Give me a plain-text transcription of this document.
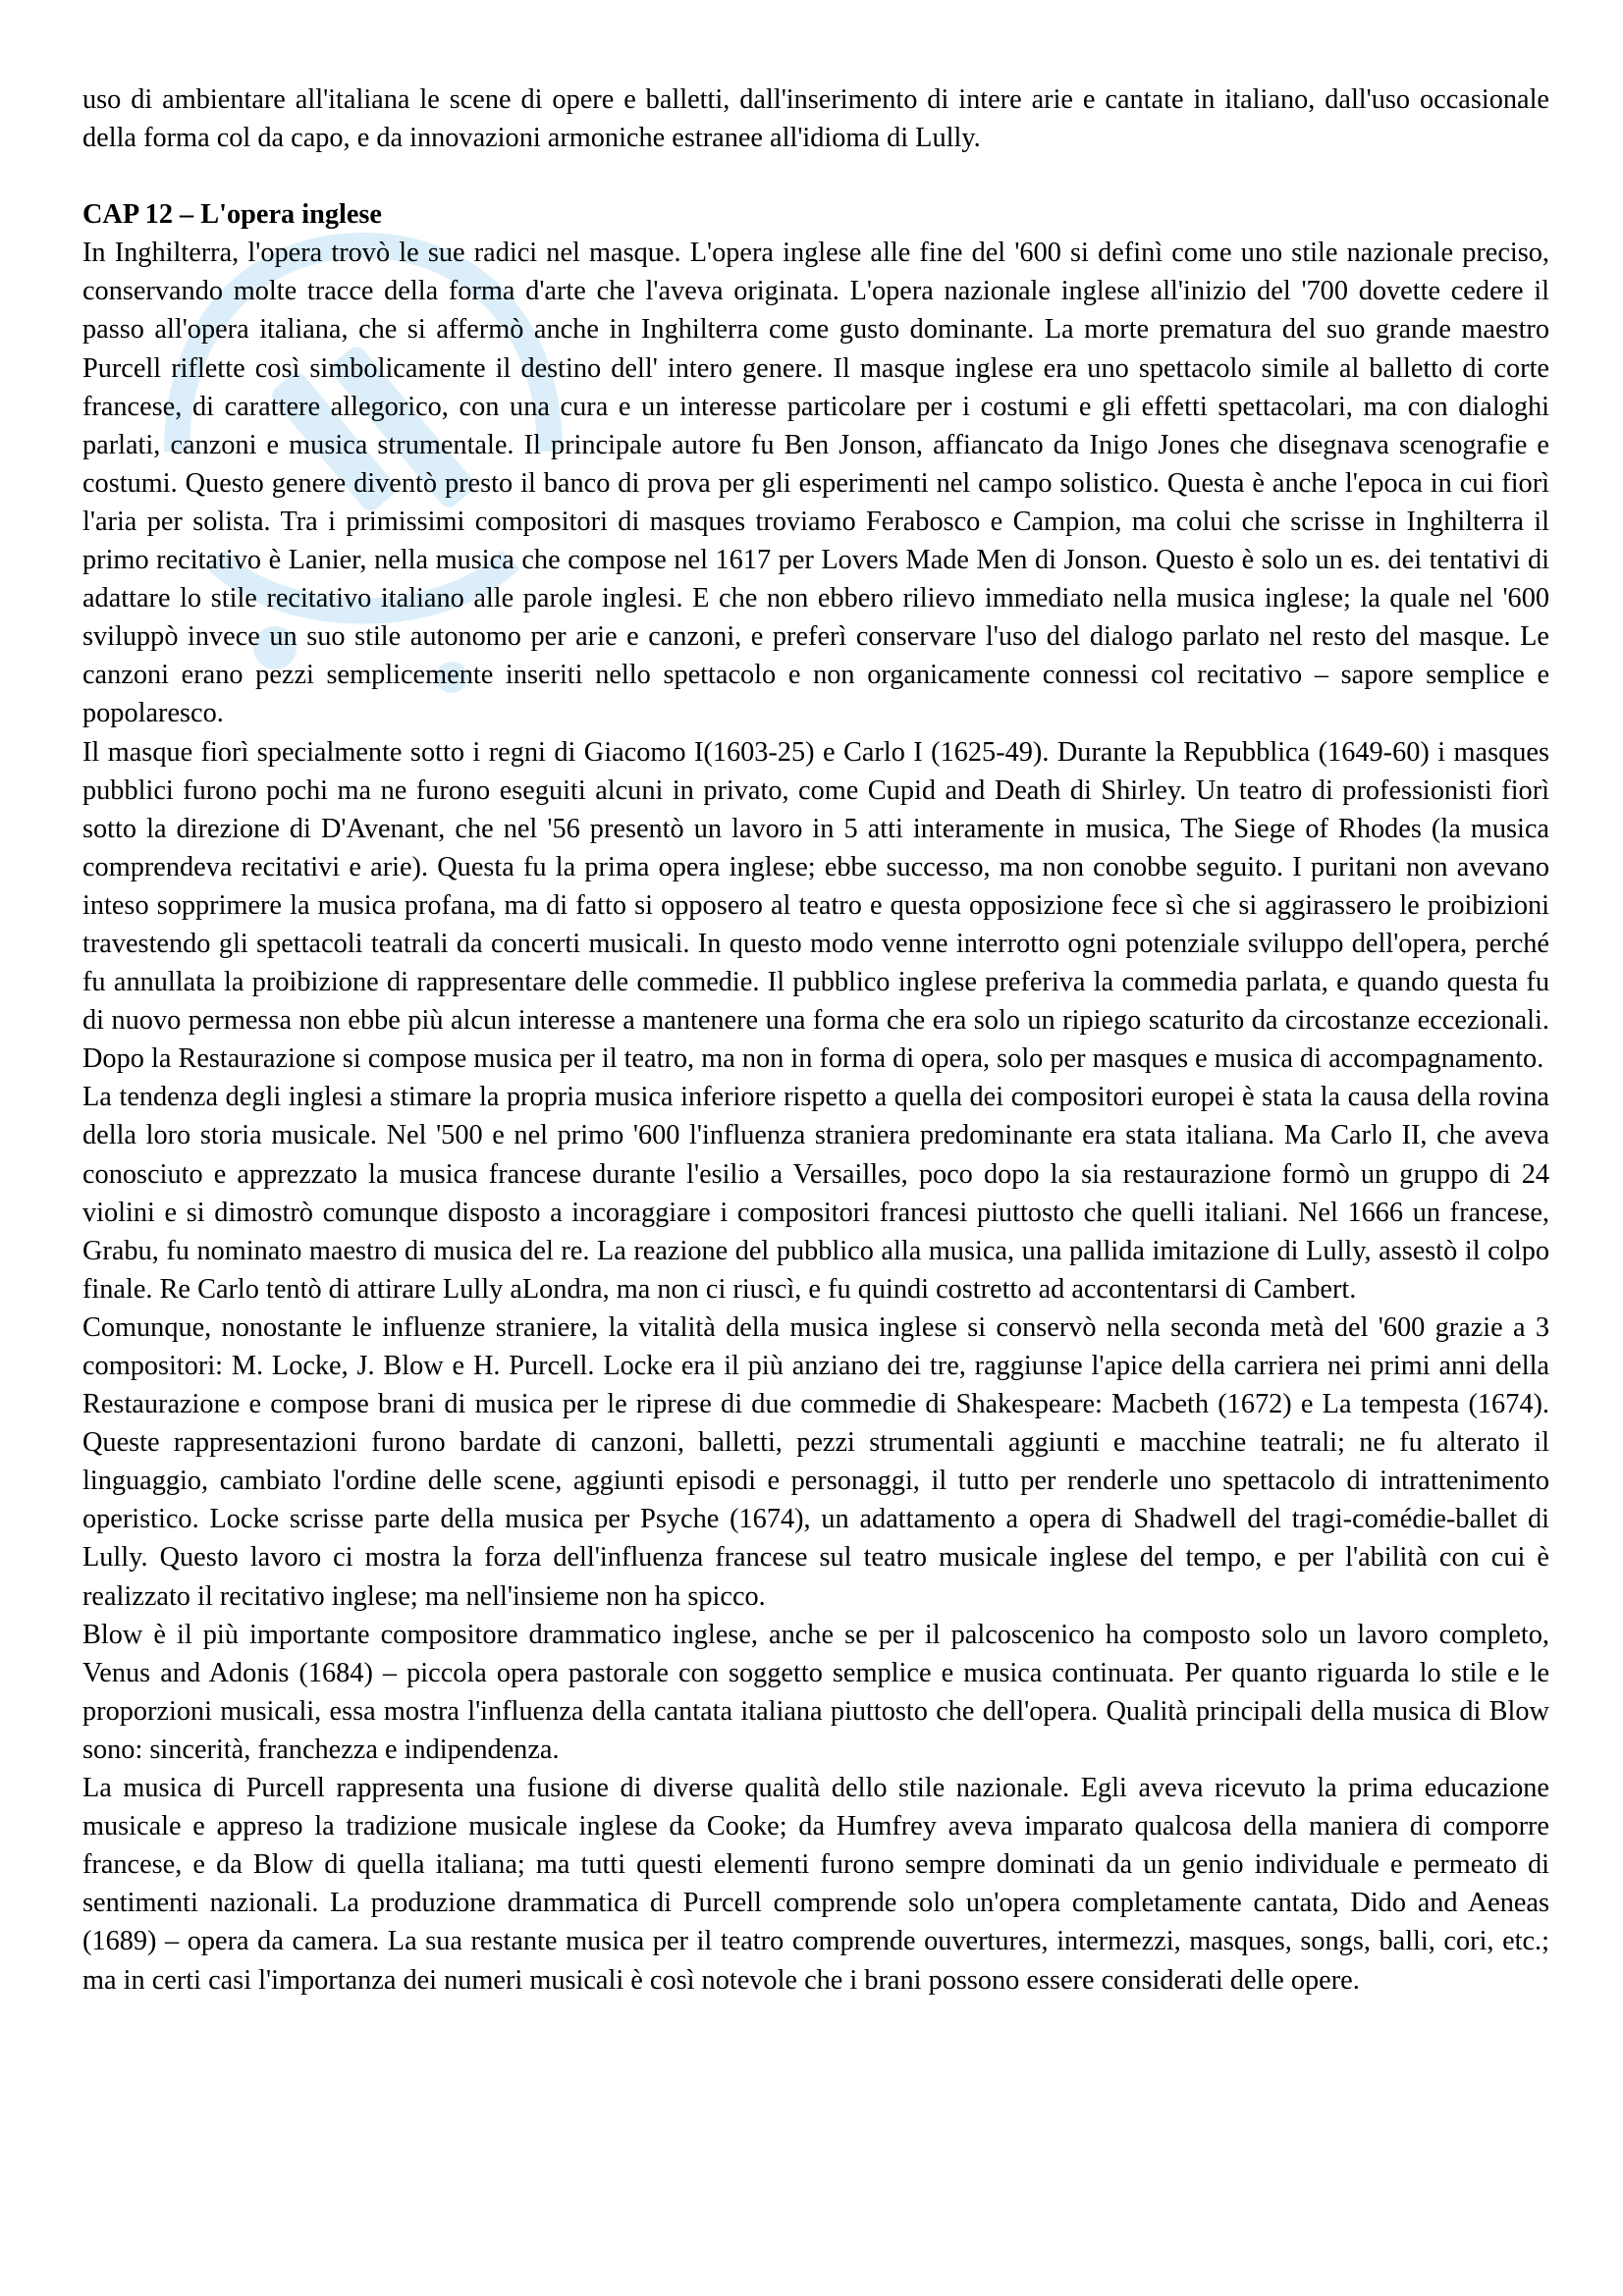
uso di ambientare all'italiana le scene di opere e balletti, dall'inserimento di intere arie e cantate in italiano, dall'uso occasionale della forma col da capo, e da innovazioni armoniche estranee all'idioma di Lully.

CAP 12 – L'opera inglese

In Inghilterra, l'opera trovò le sue radici nel masque. L'opera inglese alle fine del '600 si definì come uno stile nazionale preciso, conservando molte tracce della forma d'arte che l'aveva originata. L'opera nazionale inglese all'inizio del '700 dovette cedere il passo all'opera italiana, che si affermò anche in Inghilterra come gusto dominante. La morte prematura del suo grande maestro Purcell riflette così simbolicamente il destino dell' intero genere. Il masque inglese era uno spettacolo simile al balletto di corte francese, di carattere allegorico, con una cura e un interesse particolare per i costumi e gli effetti spettacolari, ma con dialoghi parlati, canzoni e musica strumentale. Il principale autore fu Ben Jonson, affiancato da Inigo Jones che disegnava scenografie e costumi. Questo genere diventò presto il banco di prova per gli esperimenti nel campo solistico. Questa è anche l'epoca in cui fiorì l'aria per solista. Tra i primissimi compositori di masques troviamo Ferabosco e Campion, ma colui che scrisse in Inghilterra il primo recitativo è Lanier, nella musica che compose nel 1617 per Lovers Made Men di Jonson. Questo è solo un es. dei tentativi di adattare lo stile recitativo italiano alle parole inglesi. E che non ebbero rilievo immediato nella musica inglese; la quale nel '600 sviluppò invece un suo stile autonomo per arie e canzoni, e preferì conservare l'uso del dialogo parlato nel resto del masque. Le canzoni erano pezzi semplicemente inseriti nello spettacolo e non organicamente connessi col recitativo – sapore semplice e popolaresco.

Il masque fiorì specialmente sotto i regni di Giacomo I(1603-25) e Carlo I (1625-49). Durante la Repubblica (1649-60) i masques pubblici furono pochi ma ne furono eseguiti alcuni in privato, come Cupid and Death di Shirley. Un teatro di professionisti fiorì sotto la direzione di D'Avenant, che nel '56 presentò un lavoro in 5 atti interamente in musica, The Siege of Rhodes (la musica comprendeva recitativi e arie). Questa fu la prima opera inglese; ebbe successo, ma non conobbe seguito. I puritani non avevano inteso sopprimere la musica profana, ma di fatto si opposero al teatro e questa opposizione fece sì che si aggirassero le proibizioni travestendo gli spettacoli teatrali da concerti musicali. In questo modo venne interrotto ogni potenziale sviluppo dell'opera, perché fu annullata la proibizione di rappresentare delle commedie. Il pubblico inglese preferiva la commedia parlata, e quando questa fu di nuovo permessa non ebbe più alcun interesse a mantenere una forma che era solo un ripiego scaturito da circostanze eccezionali. Dopo la Restaurazione si compose musica per il teatro, ma non in forma di opera, solo per masques e musica di accompagnamento.

La tendenza degli inglesi a stimare la propria musica inferiore rispetto a quella dei compositori europei è stata la causa della rovina della loro storia musicale. Nel '500 e nel primo '600 l'influenza straniera predominante era stata italiana. Ma Carlo II, che aveva conosciuto e apprezzato la musica francese durante l'esilio a Versailles, poco dopo la sia restaurazione formò un gruppo di 24 violini e si dimostrò comunque disposto a incoraggiare i compositori francesi piuttosto che quelli italiani. Nel 1666 un francese, Grabu, fu nominato maestro di musica del re. La reazione del pubblico alla musica, una pallida imitazione di Lully, assestò il colpo finale. Re Carlo tentò di attirare Lully aLondra, ma non ci riuscì, e fu quindi costretto ad accontentarsi di Cambert.

Comunque, nonostante le influenze straniere, la vitalità della musica inglese si conservò nella seconda metà del '600 grazie a 3 compositori: M. Locke, J. Blow e H. Purcell. Locke era il più anziano dei tre, raggiunse l'apice della carriera nei primi anni della Restaurazione e compose brani di musica per le riprese di due commedie di Shakespeare: Macbeth (1672) e La tempesta (1674). Queste rappresentazioni furono bardate di canzoni, balletti, pezzi strumentali aggiunti e macchine teatrali; ne fu alterato il linguaggio, cambiato l'ordine delle scene, aggiunti episodi e personaggi, il tutto per renderle uno spettacolo di intrattenimento operistico. Locke scrisse parte della musica per Psyche (1674), un adattamento a opera di Shadwell del tragi-comédie-ballet di Lully. Questo lavoro ci mostra la forza dell'influenza francese sul teatro musicale inglese del tempo, e per l'abilità con cui è realizzato il recitativo inglese; ma nell'insieme non ha spicco.

Blow è il più importante compositore drammatico inglese, anche se per il palcoscenico ha composto solo un lavoro completo, Venus and Adonis (1684) – piccola opera pastorale con soggetto semplice e musica continuata. Per quanto riguarda lo stile e le proporzioni musicali, essa mostra l'influenza della cantata italiana piuttosto che dell'opera. Qualità principali della musica di Blow sono: sincerità, franchezza e indipendenza.

La musica di Purcell rappresenta una fusione di diverse qualità dello stile nazionale. Egli aveva ricevuto la prima educazione musicale e appreso la tradizione musicale inglese da Cooke; da Humfrey aveva imparato qualcosa della maniera di comporre francese, e da Blow di quella italiana; ma tutti questi elementi furono sempre dominati da un genio individuale e permeato di sentimenti nazionali. La produzione drammatica di Purcell comprende solo un'opera completamente cantata, Dido and Aeneas (1689) – opera da camera. La sua restante musica per il teatro comprende ouvertures, intermezzi, masques, songs, balli, cori, etc.; ma in certi casi l'importanza dei numeri musicali è così notevole che i brani possono essere considerati delle opere.
